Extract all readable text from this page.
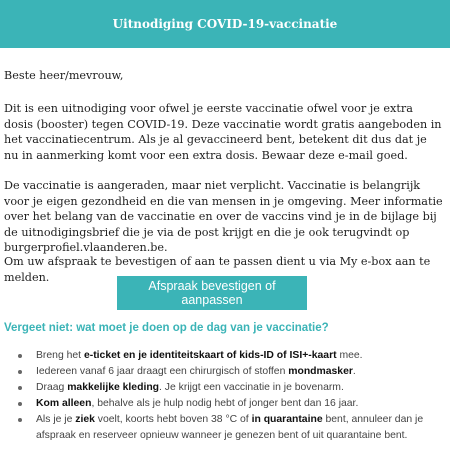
Uitnodiging COVID-19-vaccinatie

Beste heer/mevrouw,

Dit is een uitnodiging voor ofwel je eerste vaccinatie ofwel voor je extra dosis (booster) tegen COVID-19. Deze vaccinatie wordt gratis aangeboden in het vaccinatiecentrum. Als je al gevaccineerd bent, betekent dit dus dat je nu in aanmerking komt voor een extra dosis. Bewaar deze e-mail goed.

De vaccinatie is aangeraden, maar niet verplicht. Vaccinatie is belangrijk voor je eigen gezondheid en die van mensen in je omgeving. Meer informatie over het belang van de vaccinatie en over de vaccins vind je in de bijlage bij de uitnodigingsbrief die je via de post krijgt en die je ook terugvindt op burgerprofiel.vlaanderen.be.

Om uw afspraak te bevestigen of aan te passen dient u via My e-box aan te melden.

Afspraak bevestigen of aanpassen
Vergeet niet: wat moet je doen op de dag van je vaccinatie?
Breng het e-ticket en je identiteitskaart of kids-ID of ISI+-kaart mee.
Iedereen vanaf 6 jaar draagt een chirurgisch of stoffen mondmasker.
Draag makkelijke kleding. Je krijgt een vaccinatie in je bovenarm.
Kom alleen, behalve als je hulp nodig hebt of jonger bent dan 16 jaar.
Als je je ziek voelt, koorts hebt boven 38 °C of in quarantaine bent, annuleer dan je afspraak en reserveer opnieuw wanneer je genezen bent of uit quarantaine bent.
